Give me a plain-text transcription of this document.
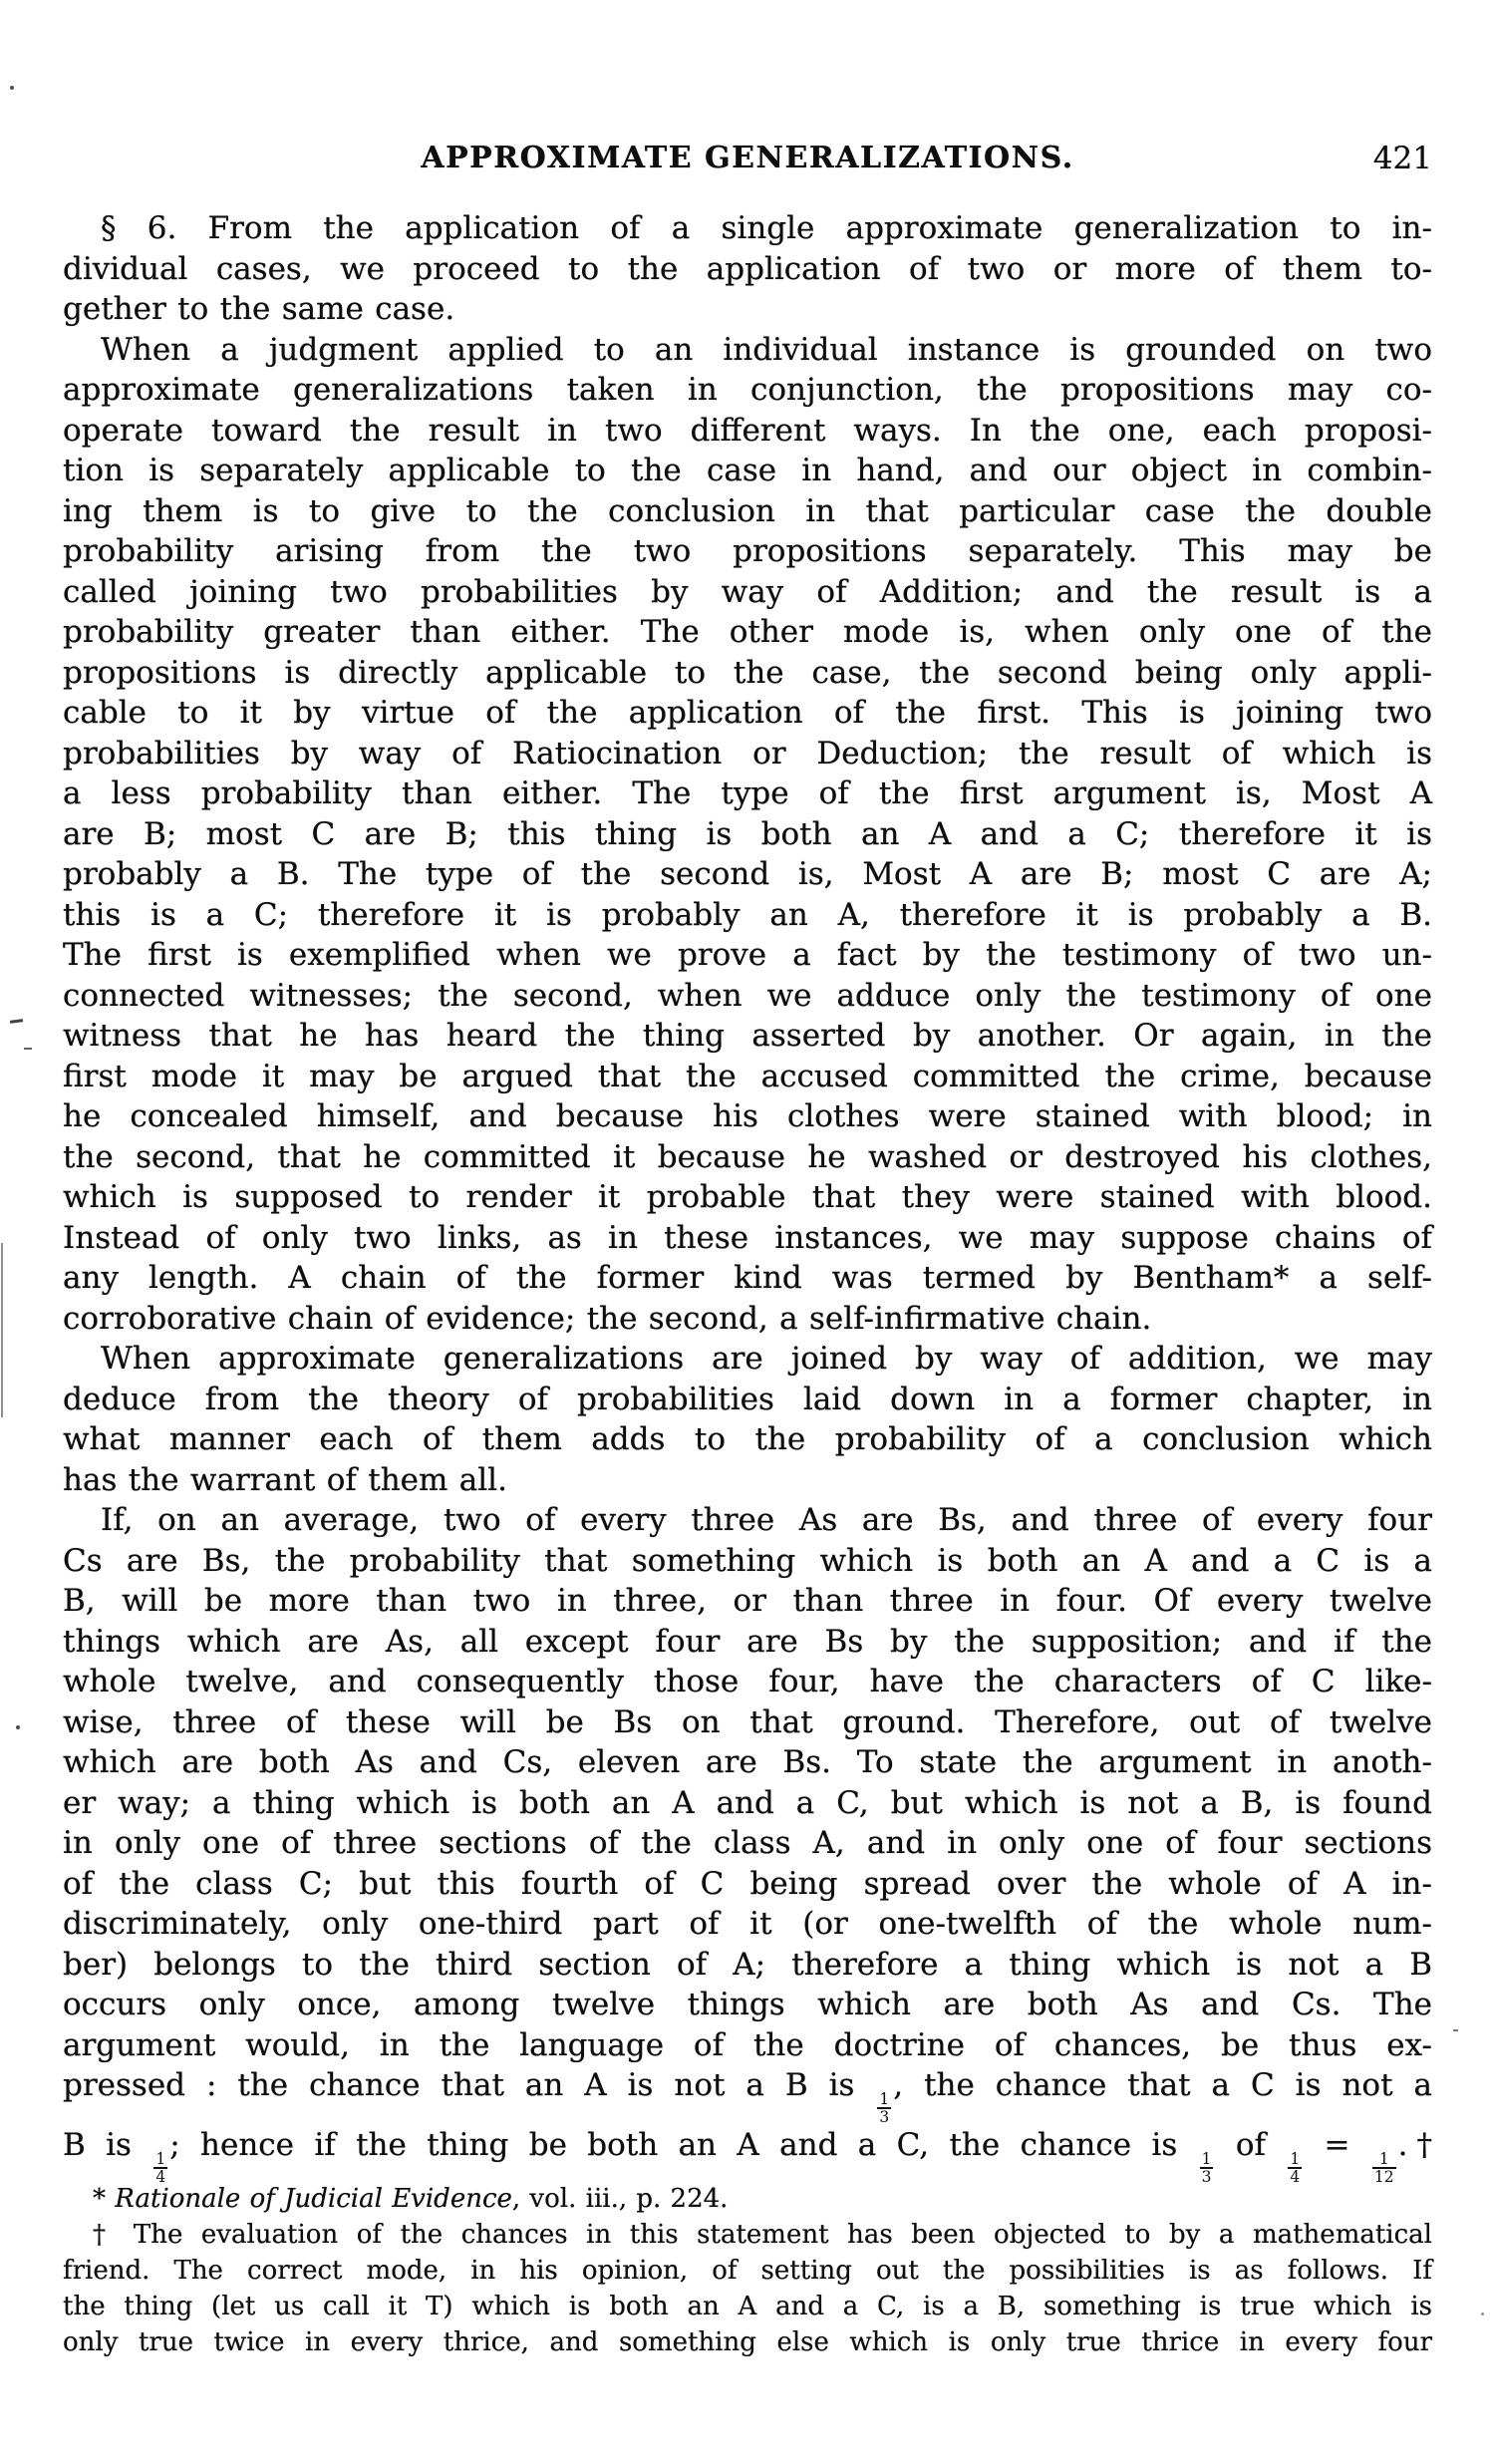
APPROXIMATE GENERALIZATIONS.	421
§ 6. From the application of a single approximate generalization to in-
dividual cases, we proceed to the application of two or more of them to-
gether to the same case.
When a judgment applied to an individual instance is grounded on two
approximate generalizations taken in conjunction, the propositions may co-
operate toward the result in two different ways. In the one, each proposi-
tion is separately applicable to the case in hand, and our object in combin-
ing them is to give to the conclusion in that particular case the double
probability arising from the two propositions separately. This may be
called joining two probabilities by way of Addition; and the result is a
probability greater than either. The other mode is, when only one of the
propositions is directly applicable to the case, the second being only appli-
cable to it by virtue of the application of the first. This is joining two
probabilities by way of Ratiocination or Deduction; the result of which is
a less probability than either. The type of the first argument is, Most A
are B; most C are B; this thing is both an A and a C; therefore it is
probably a B. The type of the second is, Most A are B; most C are A;
this is a C; therefore it is probably an A, therefore it is probably a B.
The first is exemplified when we prove a fact by the testimony of two un-
connected witnesses; the second, when we adduce only the testimony of one
witness that he has heard the thing asserted by another. Or again, in the
first mode it may be argued that the accused committed the crime, because
he concealed himself, and because his clothes were stained with blood; in
the second, that he committed it because he washed or destroyed his clothes,
which is supposed to render it probable that they were stained with blood.
Instead of only two links, as in these instances, we may suppose chains of
any length. A chain of the former kind was termed by Bentham* a self-
corroborative chain of evidence; the second, a self-infirmative chain.
When approximate generalizations are joined by way of addition, we may
deduce from the theory of probabilities laid down in a former chapter, in
what manner each of them adds to the probability of a conclusion which
has the warrant of them all.
If, on an average, two of every three As are Bs, and three of every four
Cs are Bs, the probability that something which is both an A and a C is a
B, will be more than two in three, or than three in four. Of every twelve
things which are As, all except four are Bs by the supposition; and if the
whole twelve, and consequently those four, have the characters of C like-
wise, three of these will be Bs on that ground. Therefore, out of twelve
which are both As and Cs, eleven are Bs. To state the argument in anoth-
er way; a thing which is both an A and a C, but which is not a B, is found
in only one of three sections of the class A, and in only one of four sections
of the class C; but this fourth of C being spread over the whole of A in-
discriminately, only one-third part of it (or one-twelfth of the whole num-
ber) belongs to the third section of A; therefore a thing which is not a B
occurs only once, among twelve things which are both As and Cs. The
argument would, in the language of the doctrine of chances, be thus ex-
pressed : the chance that an A is not a B is
$\frac{1}{3}$
, the chance that a C is not a
B is
$\frac{1}{4}$
; hence if the thing be both an A and a C, the chance is
$\frac{1}{3}$
of
$\frac{1}{4}$
=
$\frac{1}{12}$
.†
* Rationale of Judicial Evidence, vol. iii., p. 224.
† The evaluation of the chances in this statement has been objected to by a mathematical
friend. The correct mode, in his opinion, of setting out the possibilities is as follows. If
the thing (let us call it T) which is both an A and a C, is a B, something is true which is
only true twice in every thrice, and something else which is only true thrice in every four
